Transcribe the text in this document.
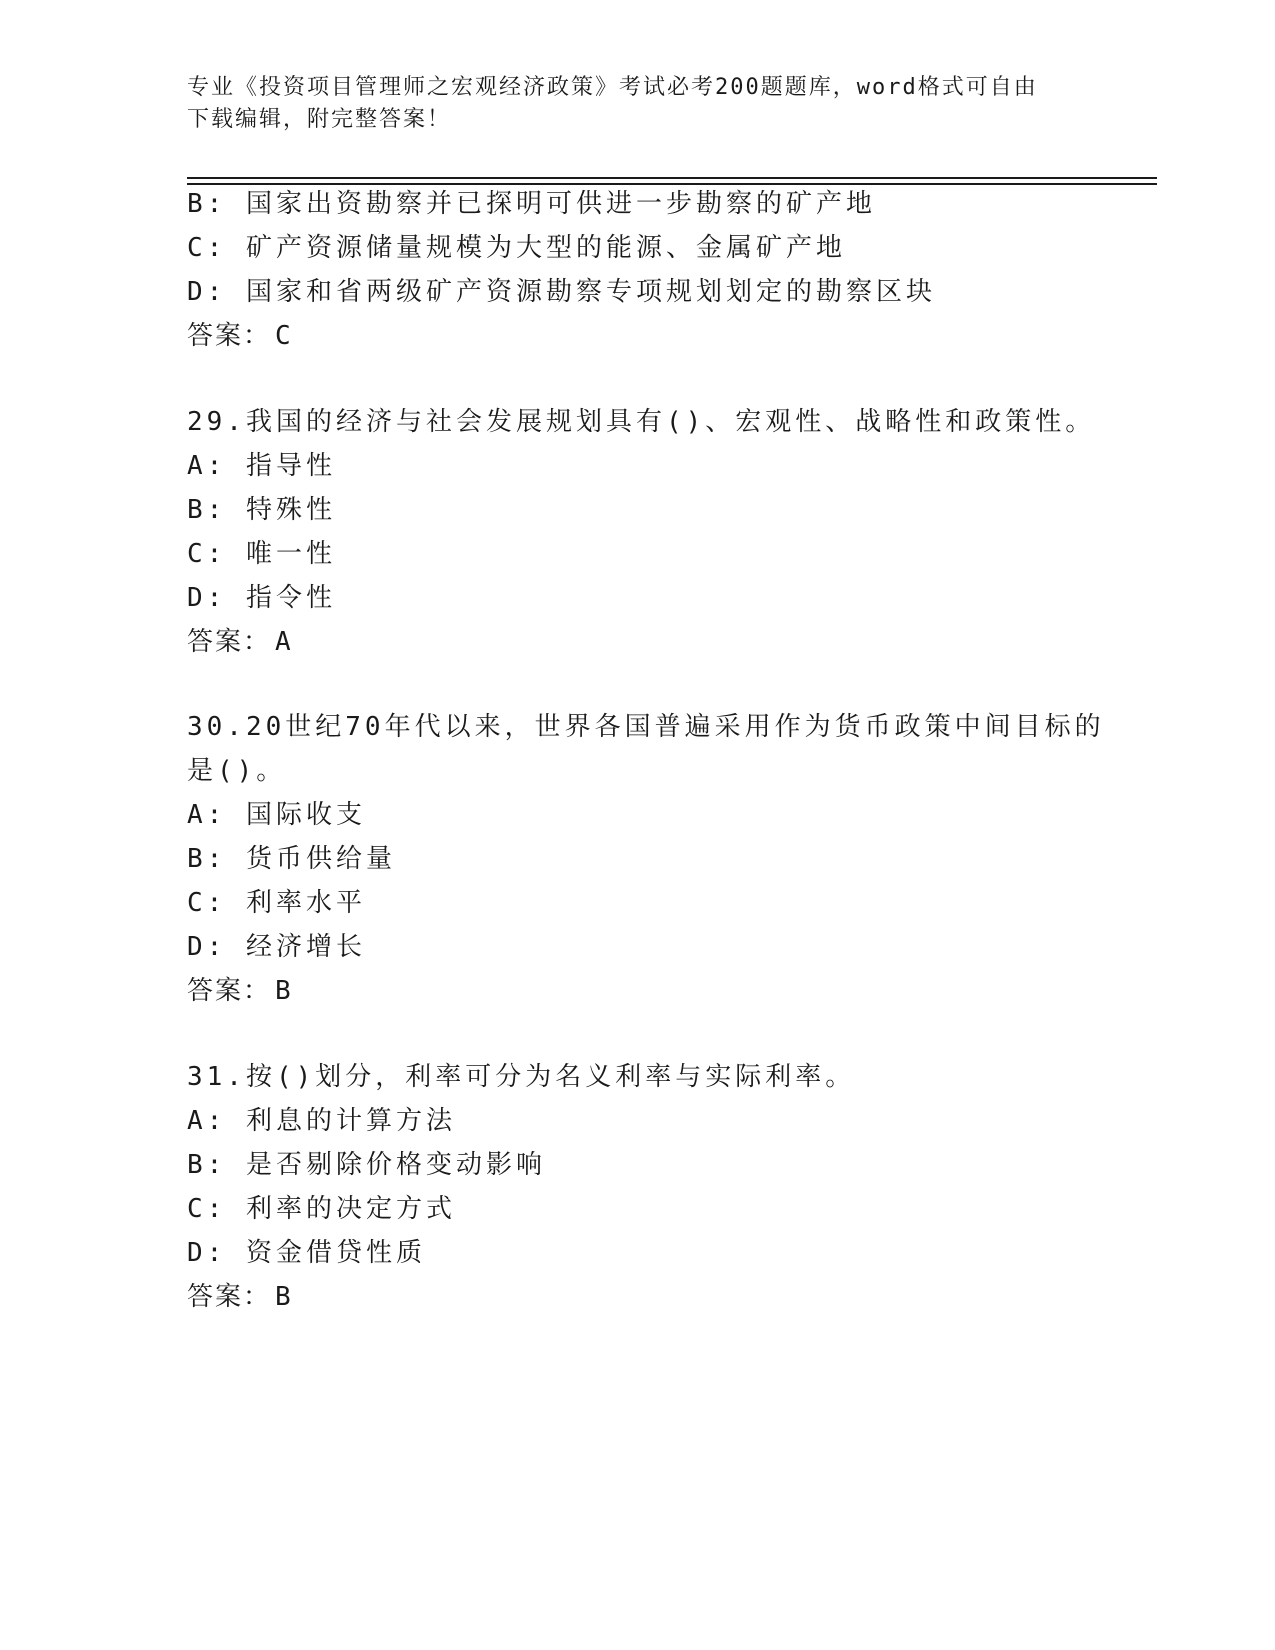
专业《投资项目管理师之宏观经济政策》考试必考200题题库，word格式可自由
下载编辑，附完整答案！
B: 国家出资勘察并已探明可供进一步勘察的矿产地
C: 矿产资源储量规模为大型的能源、金属矿产地
D: 国家和省两级矿产资源勘察专项规划划定的勘察区块
答案： C
29.我国的经济与社会发展规划具有()、宏观性、战略性和政策性。
A: 指导性
B: 特殊性
C: 唯一性
D: 指令性
答案： A
30.20世纪70年代以来，世界各国普遍采用作为货币政策中间目标的
是()。
A: 国际收支
B: 货币供给量
C: 利率水平
D: 经济增长
答案： B
31.按()划分，利率可分为名义利率与实际利率。
A: 利息的计算方法
B: 是否剔除价格变动影响
C: 利率的决定方式
D: 资金借贷性质
答案： B
